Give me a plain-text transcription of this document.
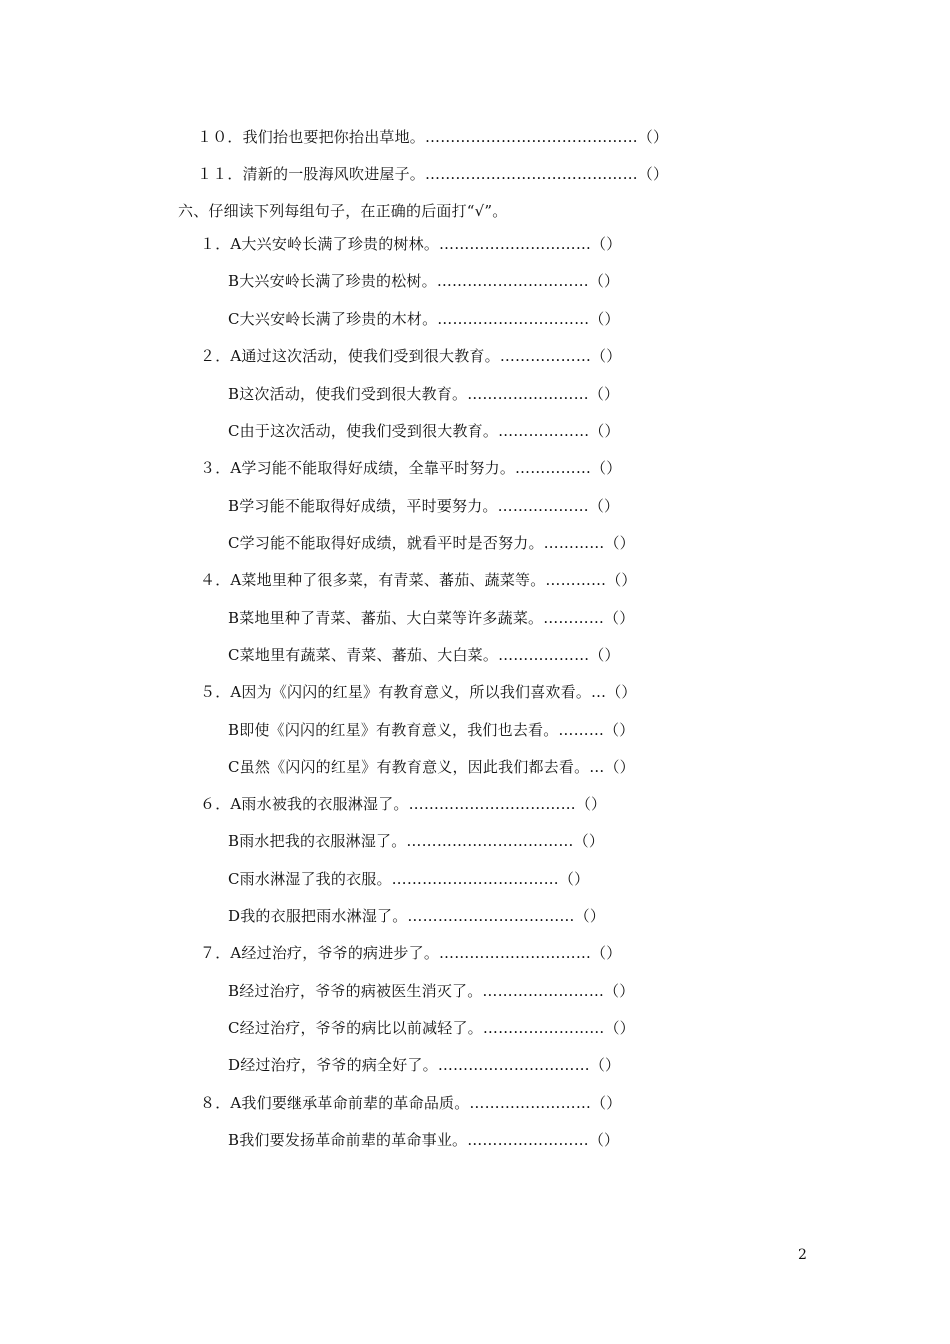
１０．我们抬也要把你抬出草地。……………………………………（）
１１．清新的一股海风吹进屋子。……………………………………（）
六、仔细读下列每组句子，在正确的后面打“√”。
１．A大兴安岭长满了珍贵的树林。…………………………（）
B大兴安岭长满了珍贵的松树。…………………………（）
C大兴安岭长满了珍贵的木材。…………………………（）
２．A通过这次活动，使我们受到很大教育。………………（）
B这次活动，使我们受到很大教育。……………………（）
C由于这次活动，使我们受到很大教育。………………（）
３．A学习能不能取得好成绩，全靠平时努力。……………（）
B学习能不能取得好成绩，平时要努力。………………（）
C学习能不能取得好成绩，就看平时是否努力。…………（）
４．A菜地里种了很多菜，有青菜、蕃茄、蔬菜等。…………（）
B菜地里种了青菜、蕃茄、大白菜等许多蔬菜。…………（）
C菜地里有蔬菜、青菜、蕃茄、大白菜。………………（）
５．A因为《闪闪的红星》有教育意义，所以我们喜欢看。…（）
B即使《闪闪的红星》有教育意义，我们也去看。………（）
C虽然《闪闪的红星》有教育意义，因此我们都去看。…（）
６．A雨水被我的衣服淋湿了。……………………………（）
B雨水把我的衣服淋湿了。……………………………（）
C雨水淋湿了我的衣服。……………………………（）
D我的衣服把雨水淋湿了。……………………………（）
７．A经过治疗，爷爷的病进步了。…………………………（）
B经过治疗，爷爷的病被医生消灭了。……………………（）
C经过治疗，爷爷的病比以前减轻了。……………………（）
D经过治疗，爷爷的病全好了。…………………………（）
８．A我们要继承革命前辈的革命品质。……………………（）
B我们要发扬革命前辈的革命事业。……………………（）
2
